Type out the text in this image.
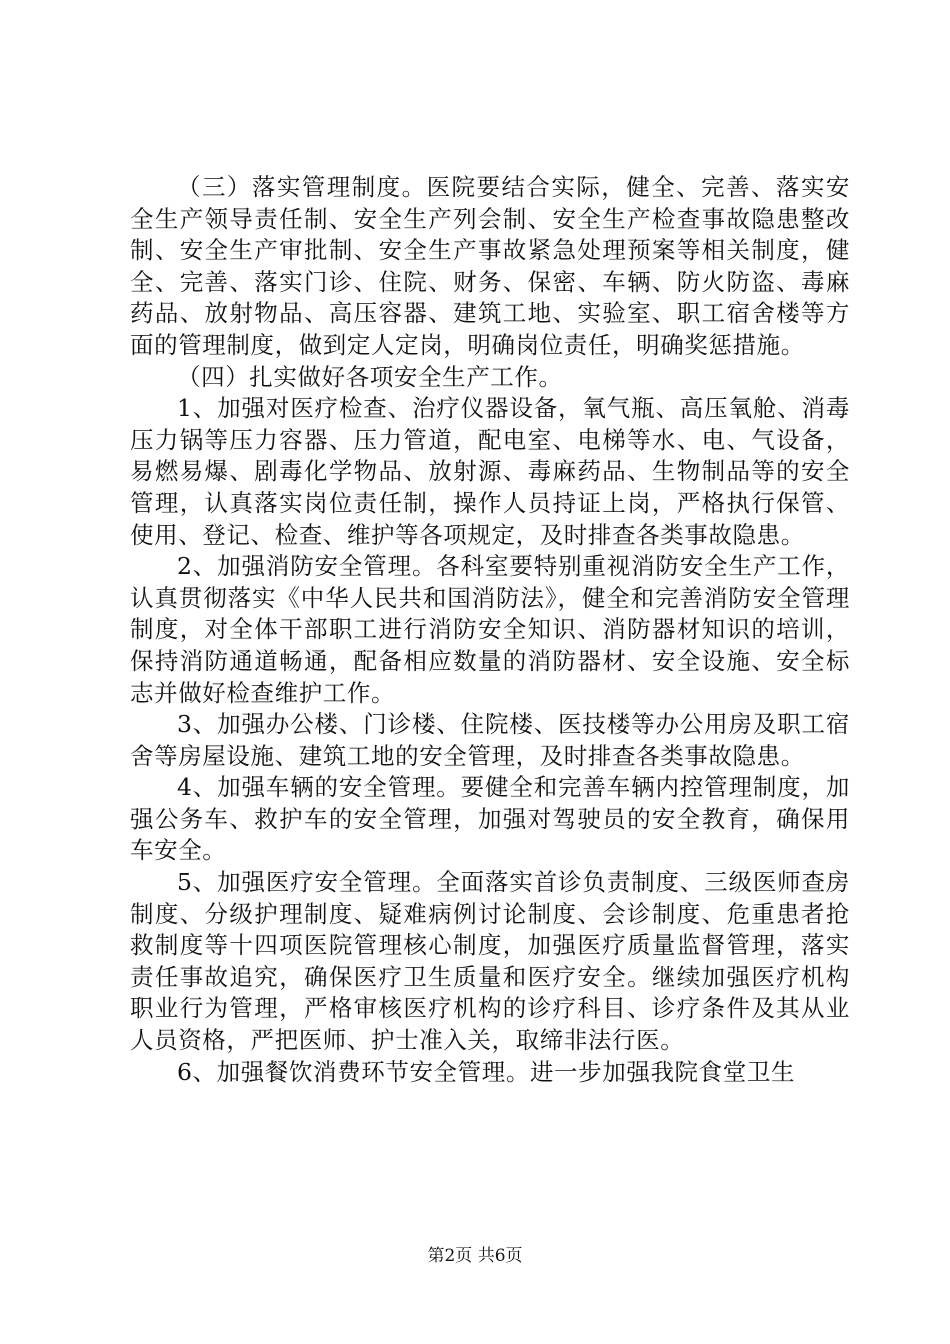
（三）落实管理制度。医院要结合实际，健全、完善、落实安全生产领导责任制、安全生产列会制、安全生产检查事故隐患整改制、安全生产审批制、安全生产事故紧急处理预案等相关制度，健全、完善、落实门诊、住院、财务、保密、车辆、防火防盗、毒麻药品、放射物品、高压容器、建筑工地、实验室、职工宿舍楼等方面的管理制度，做到定人定岗，明确岗位责任，明确奖惩措施。

（四）扎实做好各项安全生产工作。

1、加强对医疗检查、治疗仪器设备，氧气瓶、高压氧舱、消毒压力锅等压力容器、压力管道，配电室、电梯等水、电、气设备，易燃易爆、剧毒化学物品、放射源、毒麻药品、生物制品等的安全管理，认真落实岗位责任制，操作人员持证上岗，严格执行保管、使用、登记、检查、维护等各项规定，及时排查各类事故隐患。

2、加强消防安全管理。各科室要特别重视消防安全生产工作，认真贯彻落实《中华人民共和国消防法》，健全和完善消防安全管理制度，对全体干部职工进行消防安全知识、消防器材知识的培训，保持消防通道畅通，配备相应数量的消防器材、安全设施、安全标志并做好检查维护工作。

3、加强办公楼、门诊楼、住院楼、医技楼等办公用房及职工宿舍等房屋设施、建筑工地的安全管理，及时排查各类事故隐患。

4、加强车辆的安全管理。要健全和完善车辆内控管理制度，加强公务车、救护车的安全管理，加强对驾驶员的安全教育，确保用车安全。

5、加强医疗安全管理。全面落实首诊负责制度、三级医师查房制度、分级护理制度、疑难病例讨论制度、会诊制度、危重患者抢救制度等十四项医院管理核心制度，加强医疗质量监督管理，落实责任事故追究，确保医疗卫生质量和医疗安全。继续加强医疗机构职业行为管理，严格审核医疗机构的诊疗科目、诊疗条件及其从业人员资格，严把医师、护士准入关，取缔非法行医。

6、加强餐饮消费环节安全管理。进一步加强我院食堂卫生

第2页 共6页
